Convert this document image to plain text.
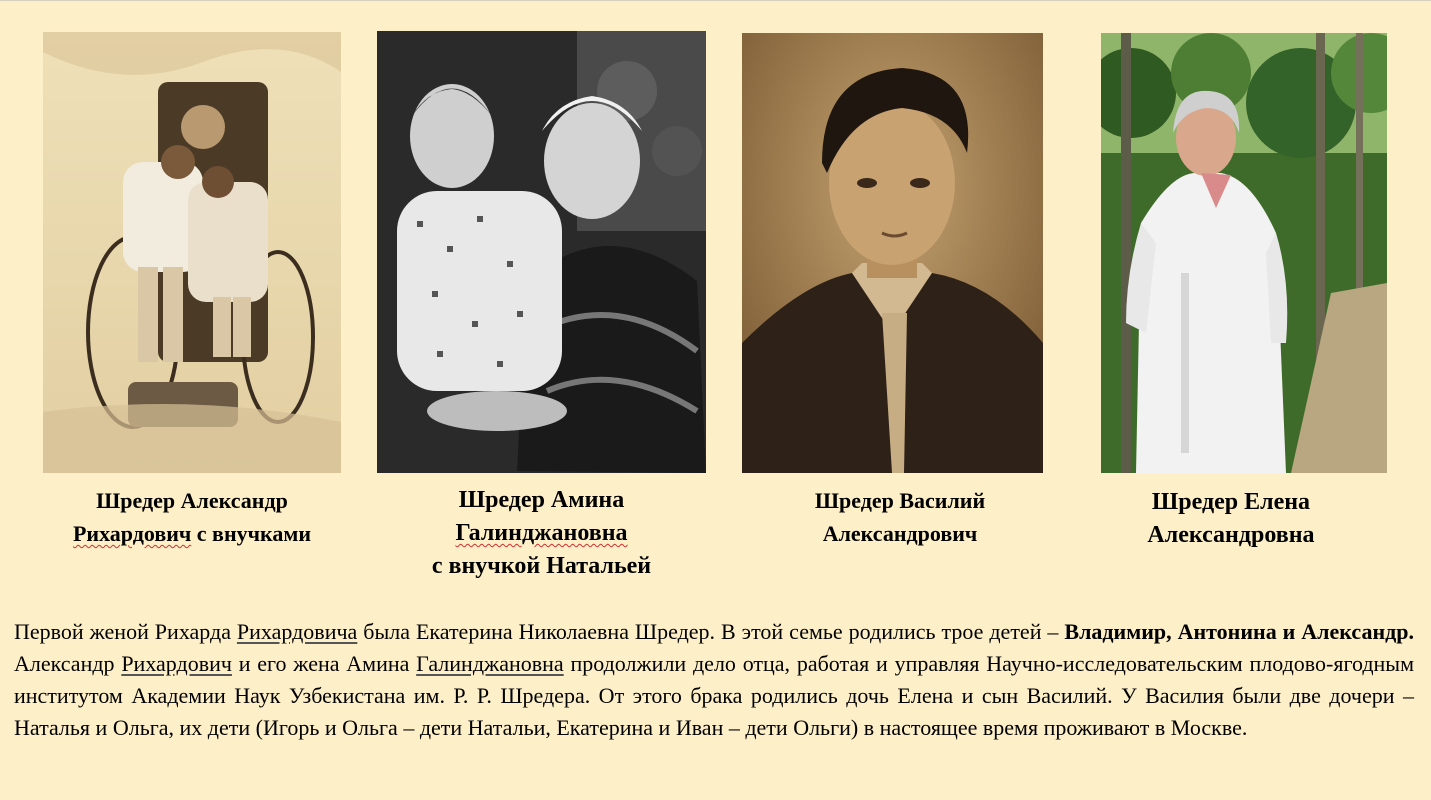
Шредер Александр
Рихардович с внучками
Шредер Амина
Галинджановна
с внучкой Натальей
Шредер Василий
Александрович
Шредер Елена
Александровна
Первой женой Рихарда Рихардовича была Екатерина Николаевна Шредер. В этой семье родились трое детей – Владимир, Антонина и Александр. Александр Рихардович и его жена Амина Галинджановна продолжили дело отца, работая и управляя Научно-исследовательским плодово-ягодным институтом Академии Наук Узбекистана им. Р. Р. Шредера. От этого брака родились дочь Елена и сын Василий. У Василия были две дочери – Наталья и Ольга, их дети (Игорь и Ольга – дети Натальи, Екатерина и Иван – дети Ольги) в настоящее время проживают в Москве.
